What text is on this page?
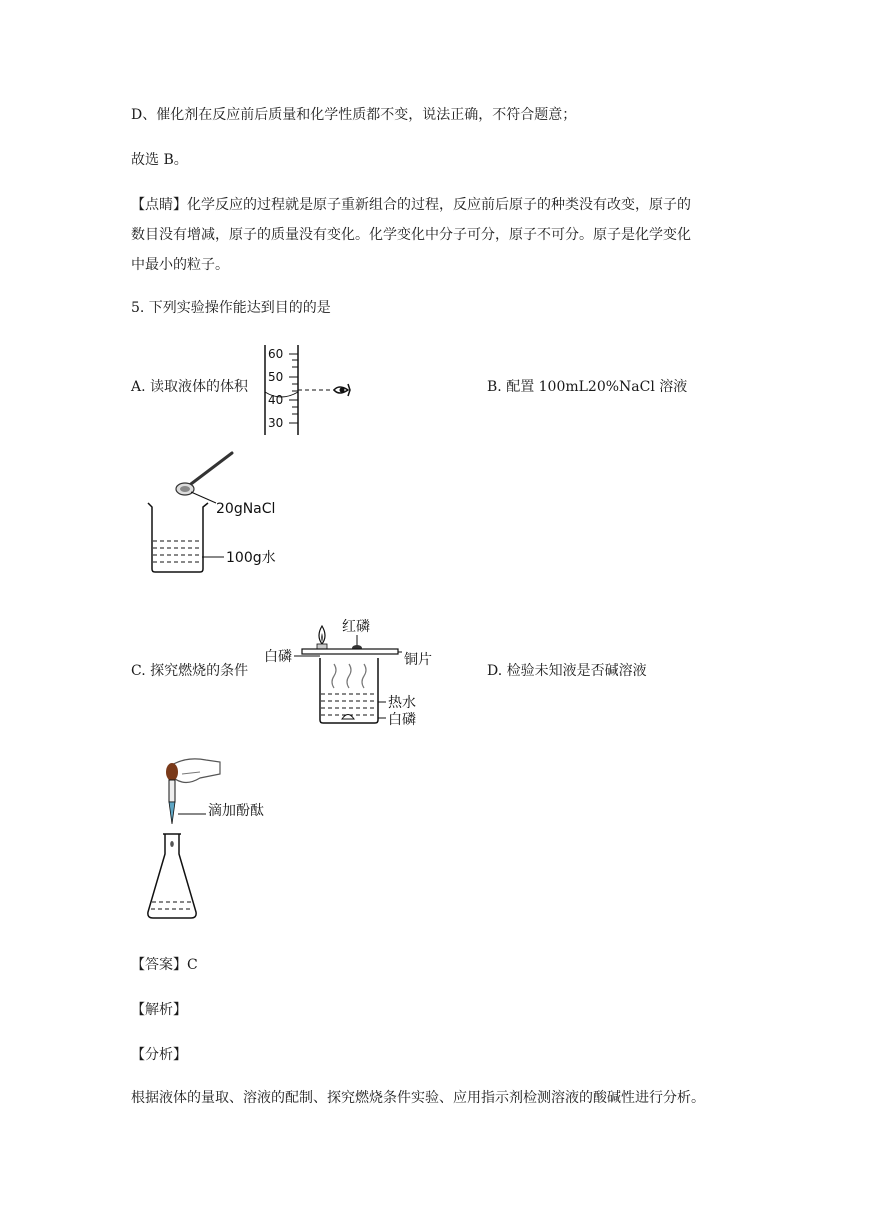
D、催化剂在反应前后质量和化学性质都不变，说法正确，不符合题意；
故选 B。
【点睛】化学反应的过程就是原子重新组合的过程，反应前后原子的种类没有改变，原子的
数目没有增减，原子的质量没有变化。化学变化中分子可分，原子不可分。原子是化学变化
中最小的粒子。
5. 下列实验操作能达到目的的是
A. 读取液体的体积	B. 配置 100mL20%NaCl 溶液
60
50
40
30
20gNaCl
100g水
C. 探究燃烧的条件	D. 检验未知液是否碱溶液
红磷
白磷	铜片
热水
白磷
滴加酚酞
【答案】C
【解析】
【分析】
根据液体的量取、溶液的配制、探究燃烧条件实验、应用指示剂检测溶液的酸碱性进行分析。
